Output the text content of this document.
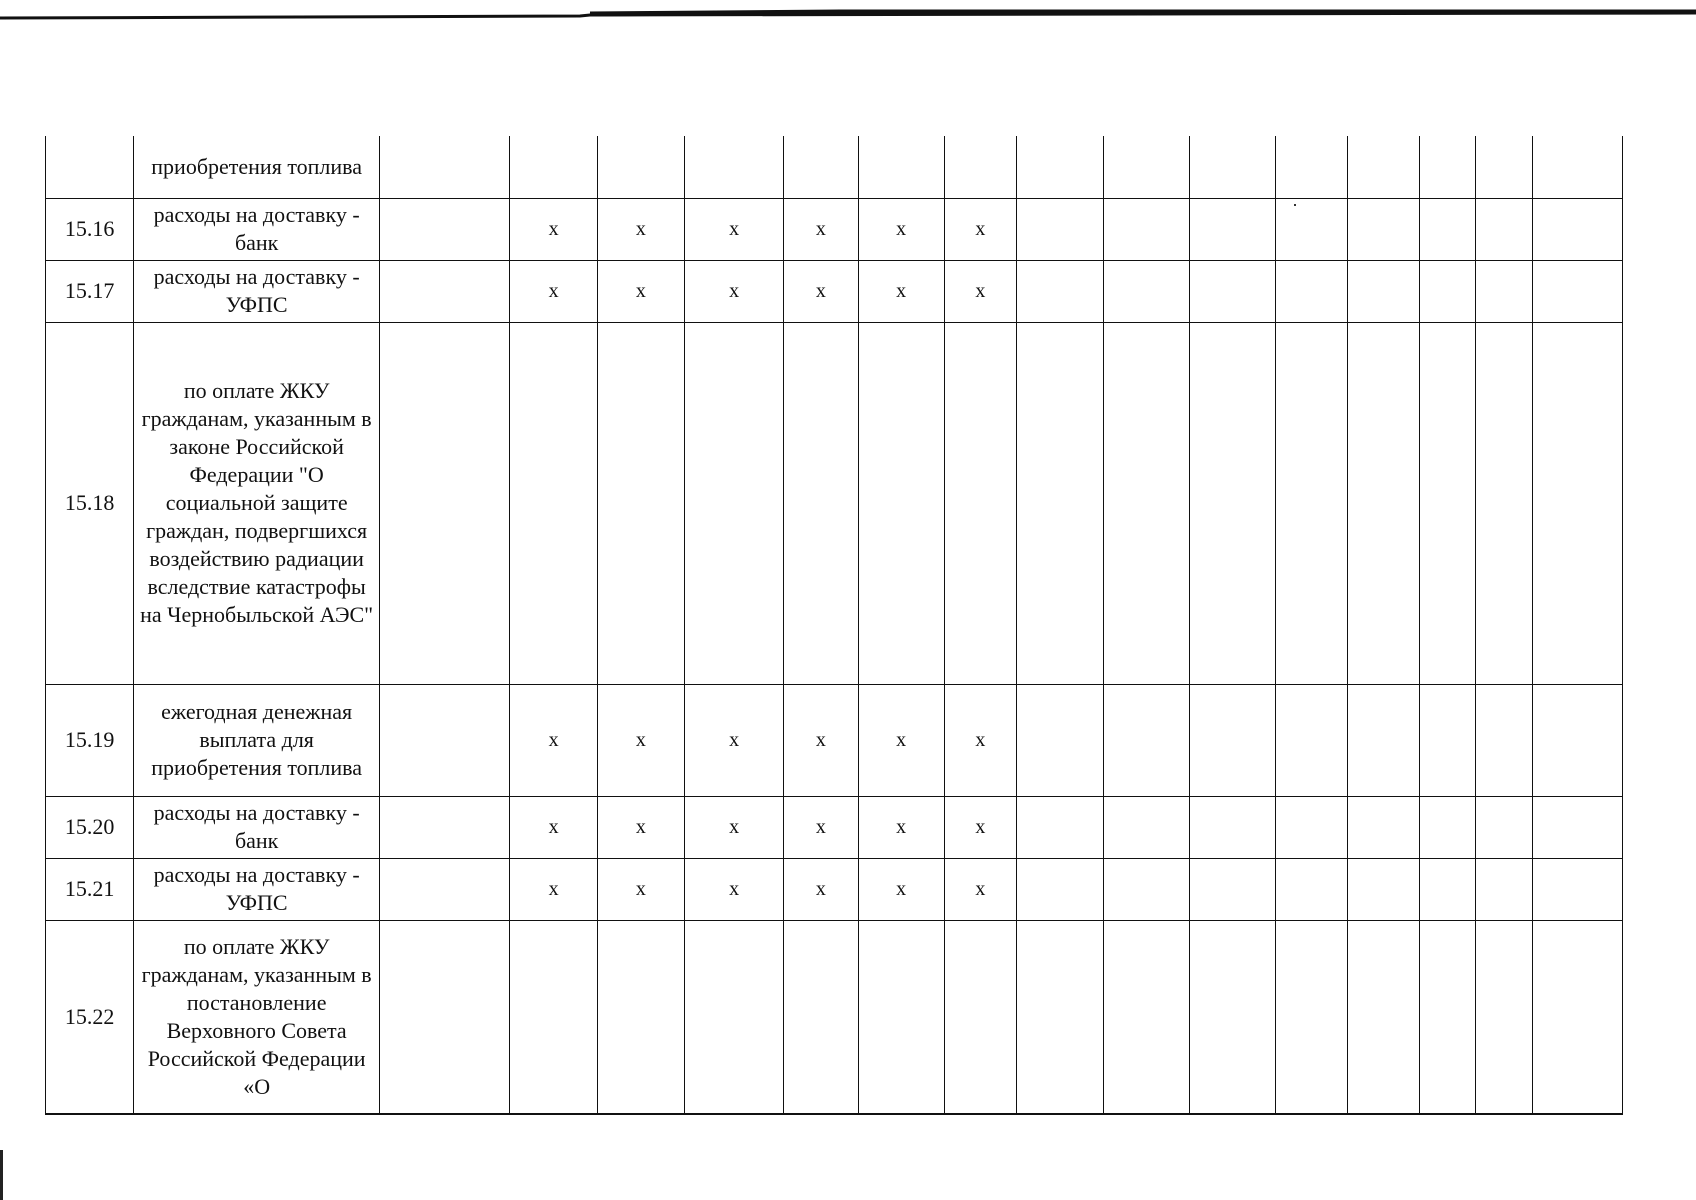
	приобретения топлива															
15.16	расходы на доставку - банк		x	x	x	x	x	x								
15.17	расходы на доставку - УФПС		x	x	x	x	x	x								
15.18	по оплате ЖКУ гражданам, указанным в законе Российской Федерации "О социальной защите граждан, подвергшихся воздействию радиации вследствие катастрофы на Чернобыльской АЭС"															
15.19	ежегодная денежная выплата для приобретения топлива		x	x	x	x	x	x								
15.20	расходы на доставку - банк		x	x	x	x	x	x								
15.21	расходы на доставку - УФПС		x	x	x	x	x	x								
15.22	по оплате ЖКУ гражданам, указанным в постановление Верховного Совета Российской Федерации «О															
